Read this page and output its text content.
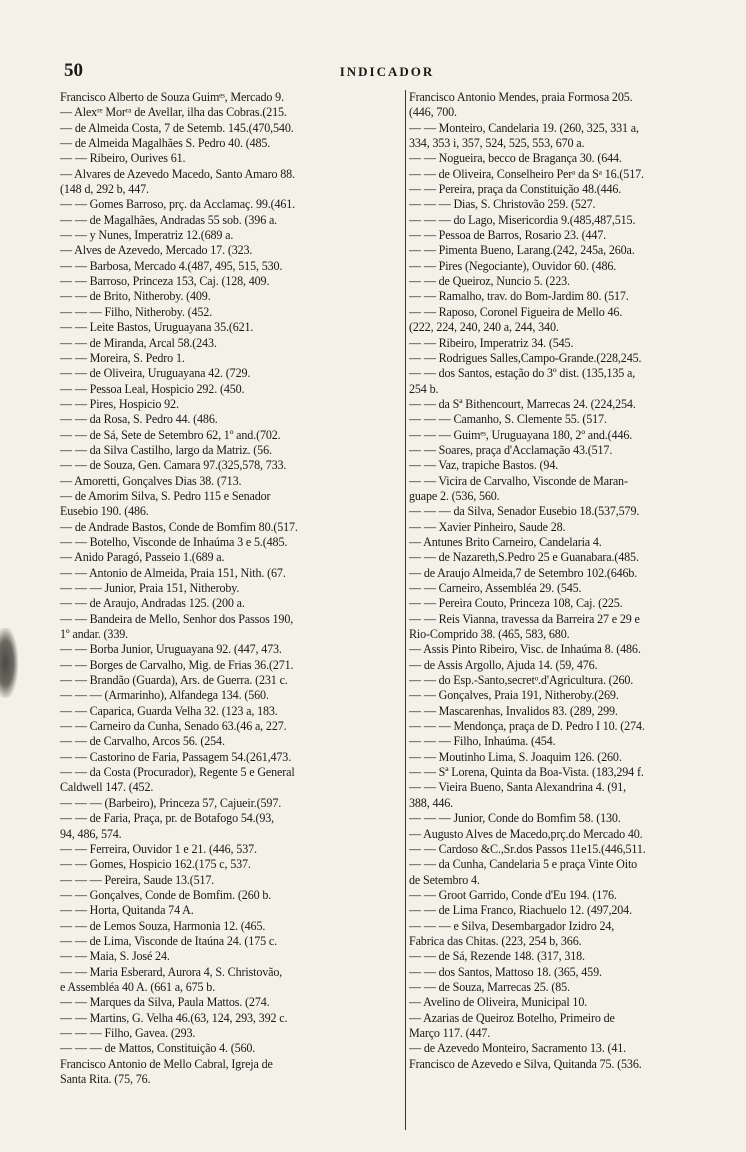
50	INDICADOR
Francisco Alberto de Souza Guimᵉˢ, Mercado 9.
— Alexʳᵉ Morʳᵃ de Avellar, ilha das Cobras.(215.
— de Almeida Costa, 7 de Setemb. 145.(470,540.
— de Almeida Magalhães S. Pedro 40. (485.
— — Ribeiro, Ourives 61.
— Alvares de Azevedo Macedo, Santo Amaro 88.
(148 d, 292 b, 447.
— — Gomes Barroso, prç. da Acclamaç. 99.(461.
— — de Magalhães, Andradas 55 sob. (396 a.
— — y Nunes, Imperatriz 12.(689 a.
— Alves de Azevedo, Mercado 17. (323.
— — Barbosa, Mercado 4.(487, 495, 515, 530.
— — Barroso, Princeza 153, Caj. (128, 409.
— — de Brito, Nitheroby. (409.
— — — Filho, Nitheroby. (452.
— — Leite Bastos, Uruguayana 35.(621.
— — de Miranda, Arcal 58.(243.
— — Moreira, S. Pedro 1.
— — de Oliveira, Uruguayana 42. (729.
— — Pessoa Leal, Hospicio 292. (450.
— — Pires, Hospicio 92.
— — da Rosa, S. Pedro 44. (486.
— — de Sá, Sete de Setembro 62, 1º and.(702.
— — da Silva Castilho, largo da Matriz. (56.
— — de Souza, Gen. Camara 97.(325,578, 733.
— Amoretti, Gonçalves Dias 38. (713.
— de Amorim Silva, S. Pedro 115 e Senador
Eusebio 190. (486.
— de Andrade Bastos, Conde de Bomfim 80.(517.
— — Botelho, Visconde de Inhaúma 3 e 5.(485.
— Anido Paragó, Passeio 1.(689 a.
— — Antonio de Almeida, Praia 151, Nith. (67.
— — — Junior, Praia 151, Nitheroby.
— — de Araujo, Andradas 125. (200 a.
— — Bandeira de Mello, Senhor dos Passos 190,
1º andar. (339.
— — Borba Junior, Uruguayana 92. (447, 473.
— — Borges de Carvalho, Mig. de Frias 36.(271.
— — Brandão (Guarda), Ars. de Guerra. (231 c.
— — — (Armarinho), Alfandega 134. (560.
— — Caparica, Guarda Velha 32. (123 a, 183.
— — Carneiro da Cunha, Senado 63.(46 a, 227.
— — de Carvalho, Arcos 56. (254.
— — Castorino de Faria, Passagem 54.(261,473.
— — da Costa (Procurador), Regente 5 e General
Caldwell 147. (452.
— — — (Barbeiro), Princeza 57, Cajueir.(597.
— — de Faria, Praça, pr. de Botafogo 54.(93,
94, 486, 574.
— — Ferreira, Ouvidor 1 e 21. (446, 537.
— — Gomes, Hospicio 162.(175 c, 537.
— — — Pereira, Saude 13.(517.
— — Gonçalves, Conde de Bomfim. (260 b.
— — Horta, Quitanda 74 A.
— — de Lemos Souza, Harmonia 12. (465.
— — de Lima, Visconde de Itaúna 24. (175 c.
— — Maia, S. José 24.
— — Maria Esberard, Aurora 4, S. Christovão,
e Assembléa 40 A. (661 a, 675 b.
— — Marques da Silva, Paula Mattos. (274.
— — Martins, G. Velha 46.(63, 124, 293, 392 c.
— — — Filho, Gavea. (293.
— — — de Mattos, Constituição 4. (560.
Francisco Antonio de Mello Cabral, Igreja de
Santa Rita. (75, 76.
Francisco Antonio Mendes, praia Formosa 205.
(446, 700.
— — Monteiro, Candelaria 19. (260, 325, 331 a,
334, 353 i, 357, 524, 525, 553, 670 a.
— — Nogueira, becco de Bragança 30. (644.
— — de Oliveira, Conselheiro Perᵃ da Sᵃ 16.(517.
— — Pereira, praça da Constituição 48.(446.
— — — Dias, S. Christovão 259. (527.
— — — do Lago, Misericordia 9.(485,487,515.
— — Pessoa de Barros, Rosario 23. (447.
— — Pimenta Bueno, Larang.(242, 245a, 260a.
— — Pires (Negociante), Ouvidor 60. (486.
— — de Queiroz, Nuncio 5. (223.
— — Ramalho, trav. do Bom-Jardim 80. (517.
— — Raposo, Coronel Figueira de Mello 46.
(222, 224, 240, 240 a, 244, 340.
— — Ribeiro, Imperatriz 34. (545.
— — Rodrigues Salles,Campo-Grande.(228,245.
— — dos Santos, estação do 3º dist. (135,135 a,
254 b.
— — da Sª Bithencourt, Marrecas 24. (224,254.
— — — Camanho, S. Clemente 55. (517.
— — — Guimᵉˢ, Uruguayana 180, 2º and.(446.
— — Soares, praça d'Acclamação 43.(517.
— — Vaz, trapiche Bastos. (94.
— — Vicira de Carvalho, Visconde de Maran-
guape 2. (536, 560.
— — — da Silva, Senador Eusebio 18.(537,579.
— — Xavier Pinheiro, Saude 28.
— Antunes Brito Carneiro, Candelaria 4.
— — de Nazareth,S.Pedro 25 e Guanabara.(485.
— de Araujo Almeida,7 de Setembro 102.(646b.
— — Carneiro, Assembléa 29. (545.
— — Pereira Couto, Princeza 108, Caj. (225.
— — Reis Vianna, travessa da Barreira 27 e 29 e
Rio-Comprido 38. (465, 583, 680.
— Assis Pinto Ribeiro, Visc. de Inhaúma 8. (486.
— de Assis Argollo, Ajuda 14. (59, 476.
— — do Esp.-Santo,secretᵒ.d'Agricultura. (260.
— — Gonçalves, Praia 191, Nitheroby.(269.
— — Mascarenhas, Invalidos 83. (289, 299.
— — — Mendonça, praça de D. Pedro I 10. (274.
— — — Filho, Inhaúma. (454.
— — Moutinho Lima, S. Joaquim 126. (260.
— — Sª Lorena, Quinta da Boa-Vista. (183,294 f.
— — Vieira Bueno, Santa Alexandrina 4. (91,
388, 446.
— — — Junior, Conde do Bomfim 58. (130.
— Augusto Alves de Macedo,prç.do Mercado 40.
— — Cardoso &C.,Sr.dos Passos 11e15.(446,511.
— — da Cunha, Candelaria 5 e praça Vinte Oito
de Setembro 4.
— — Groot Garrido, Conde d'Eu 194. (176.
— — de Lima Franco, Riachuelo 12. (497,204.
— — — e Silva, Desembargador Izidro 24,
Fabrica das Chitas. (223, 254 b, 366.
— — de Sá, Rezende 148. (317, 318.
— — dos Santos, Mattoso 18. (365, 459.
— — de Souza, Marrecas 25. (85.
— Avelino de Oliveira, Municipal 10.
— Azarias de Queiroz Botelho, Primeiro de
Março 117. (447.
— de Azevedo Monteiro, Sacramento 13. (41.
Francisco de Azevedo e Silva, Quitanda 75. (536.
